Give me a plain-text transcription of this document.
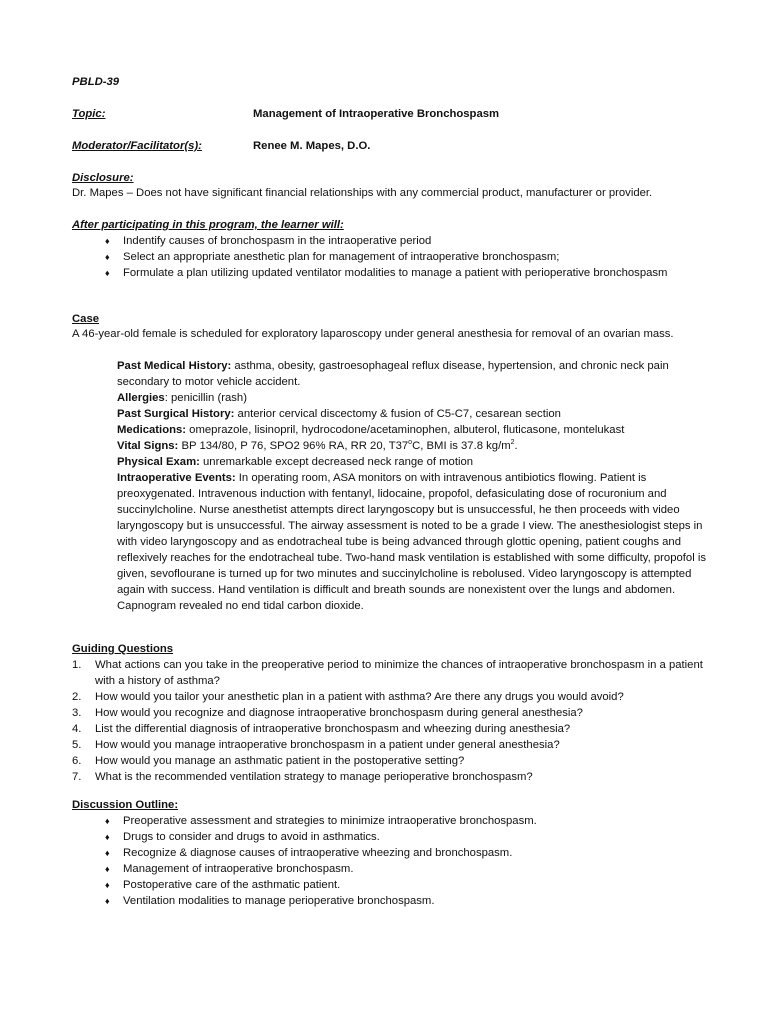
PBLD-39
Topic:	Management of Intraoperative Bronchospasm
Moderator/Facilitator(s):	Renee M. Mapes, D.O.
Disclosure:
Dr. Mapes – Does not have significant financial relationships with any commercial product, manufacturer or provider.
After participating in this program, the learner will:
♦ Indentify causes of bronchospasm in the intraoperative period
♦ Select an appropriate anesthetic plan for management of intraoperative bronchospasm;
♦ Formulate a plan utilizing updated ventilator modalities to manage a patient with perioperative bronchospasm
Case
A 46-year-old female is scheduled for exploratory laparoscopy under general anesthesia for removal of an ovarian mass.

Past Medical History: asthma, obesity, gastroesophageal reflux disease, hypertension, and chronic neck pain secondary to motor vehicle accident.

Allergies: penicillin (rash)

Past Surgical History: anterior cervical discectomy & fusion of C5-C7, cesarean section

Medications: omeprazole, lisinopril, hydrocodone/acetaminophen, albuterol, fluticasone, montelukast

Vital Signs: BP 134/80, P 76, SPO2 96% RA, RR 20, T37$^o$C, BMI is 37.8 $kg/m^2$.

Physical Exam: unremarkable except decreased neck range of motion

Intraoperative Events: In operating room, ASA monitors on with intravenous antibiotics flowing. Patient is preoxygenated. Intravenous induction with fentanyl, lidocaine, propofol, defasiculating dose of rocuronium and succinylcholine. Nurse anesthetist attempts direct laryngoscopy but is unsuccessful, he then proceeds with video laryngoscopy but is unsuccessful. The airway assessment is noted to be a grade I view. The anesthesiologist steps in with video laryngoscopy and as endotracheal tube is being advanced through glottic opening, patient coughs and reflexively reaches for the endotracheal tube. Two-hand mask ventilation is established with some difficulty, propofol is given, sevoflourane is turned up for two minutes and succinylcholine is rebolused. Video laryngoscopy is attempted again with success. Hand ventilation is difficult and breath sounds are nonexistent over the lungs and abdomen. Capnogram revealed no end tidal carbon dioxide.

Guiding Questions
1. What actions can you take in the preoperative period to minimize the chances of intraoperative bronchospasm in a patient with a history of asthma?
2. How would you tailor your anesthetic plan in a patient with asthma? Are there any drugs you would avoid?
3. How would you recognize and diagnose intraoperative bronchospasm during general anesthesia?
4. List the differential diagnosis of intraoperative bronchospasm and wheezing during anesthesia?
5. How would you manage intraoperative bronchospasm in a patient under general anesthesia?
6. How would you manage an asthmatic patient in the postoperative setting?
7. What is the recommended ventilation strategy to manage perioperative bronchospasm?
Discussion Outline:
♦ Preoperative assessment and strategies to minimize intraoperative bronchospasm.
♦ Drugs to consider and drugs to avoid in asthmatics.
♦ Recognize & diagnose causes of intraoperative wheezing and bronchospasm.
♦ Management of intraoperative bronchospasm.
♦ Postoperative care of the asthmatic patient.
♦ Ventilation modalities to manage perioperative bronchospasm.
